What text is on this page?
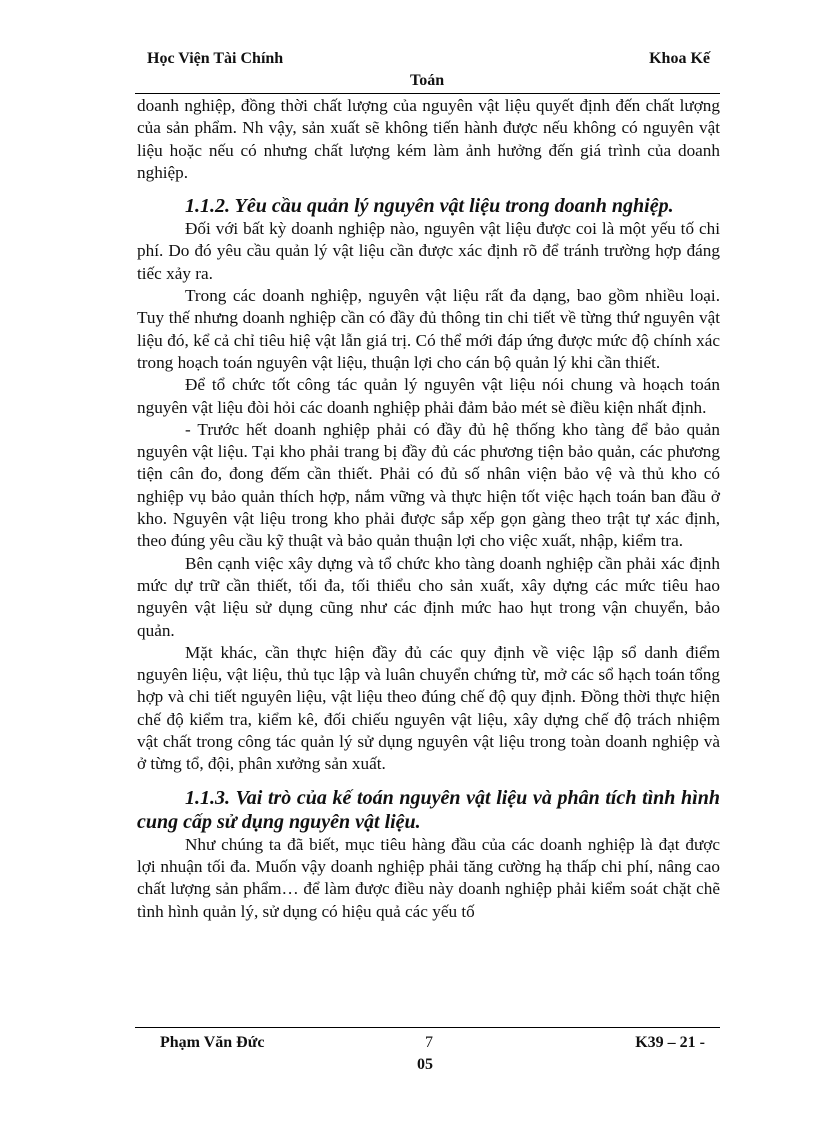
Học Viện Tài Chính	Khoa Kế
Toán

doanh nghiệp, đồng thời chất lượng của nguyên vật liệu quyết định đến chất lượng của sản phẩm. Nh vậy, sản xuất sẽ không tiến hành được nếu không có nguyên vật liệu hoặc nếu có nhưng chất lượng kém làm ảnh hưởng đến giá trình của doanh nghiệp.

1.1.2. Yêu cầu quản lý nguyên vật liệu trong doanh nghiệp.

Đối với bất kỳ doanh nghiệp nào, nguyên vật liệu được coi là một yếu tố chi phí. Do đó yêu cầu quản lý vật liệu cần được xác định rõ để tránh trường hợp đáng tiếc xảy ra.

Trong các doanh nghiệp, nguyên vật liệu rất đa dạng, bao gồm nhiều loại. Tuy thế nhưng doanh nghiệp cần có đầy đủ thông tin chi tiết về từng thứ nguyên vật liệu đó, kể cả chỉ tiêu hiệ vật lẫn giá trị. Có thể mới đáp ứng được mức độ chính xác trong hoạch toán nguyên vật liệu, thuận lợi cho cán bộ quản lý khi cần thiết.

Để tổ chức tốt công tác quản lý nguyên vật liệu nói chung và hoạch toán nguyên vật liệu đòi hỏi các doanh nghiệp phải đảm bảo mét sè điều kiện nhất định.

- Trước hết doanh nghiệp phải có đầy đủ hệ thống kho tàng để bảo quản nguyên vật liệu. Tại kho phải trang bị đầy đủ các phương tiện bảo quản, các phương tiện cân đo, đong đếm cần thiết. Phải có đủ số nhân viện bảo vệ và thủ kho có nghiệp vụ bảo quản thích hợp, nắm vững và thực hiện tốt việc hạch toán ban đầu ở kho. Nguyên vật liệu trong kho phải được sắp xếp gọn gàng theo trật tự xác định, theo đúng yêu cầu kỹ thuật và bảo quản thuận lợi cho việc xuất, nhập, kiểm tra.

Bên cạnh việc xây dựng và tổ chức kho tàng doanh nghiệp cần phải xác định mức dự trữ cần thiết, tối đa, tối thiểu cho sản xuất, xây dựng các mức tiêu hao nguyên vật liệu sử dụng cũng như các định mức hao hụt trong vận chuyển, bảo quản.

Mặt khác, cần thực hiện đầy đủ các quy định về việc lập sổ danh điểm nguyên liệu, vật liệu, thủ tục lập và luân chuyển chứng từ, mở các sổ hạch toán tổng hợp và chi tiết nguyên liệu, vật liệu theo đúng chế độ quy định. Đồng thời thực hiện chế độ kiểm tra, kiểm kê, đối chiếu nguyên vật liệu, xây dựng chế độ trách nhiệm vật chất trong công tác quản lý sử dụng nguyên vật liệu trong toàn doanh nghiệp và ở từng tổ, đội, phân xưởng sản xuất.

1.1.3. Vai trò của kế toán nguyên vật liệu và phân tích tình hình cung cấp sử dụng nguyên vật liệu.

Như chúng ta đã biết, mục tiêu hàng đầu của các doanh nghiệp là đạt được lợi nhuận tối đa. Muốn vậy doanh nghiệp phải tăng cường hạ thấp chi phí, nâng cao chất lượng sản phẩm… để làm được điều này doanh nghiệp phải kiểm soát chặt chẽ tình hình quản lý, sử dụng có hiệu quả các yếu tố

Phạm Văn Đức	7	K39 – 21 -
05
